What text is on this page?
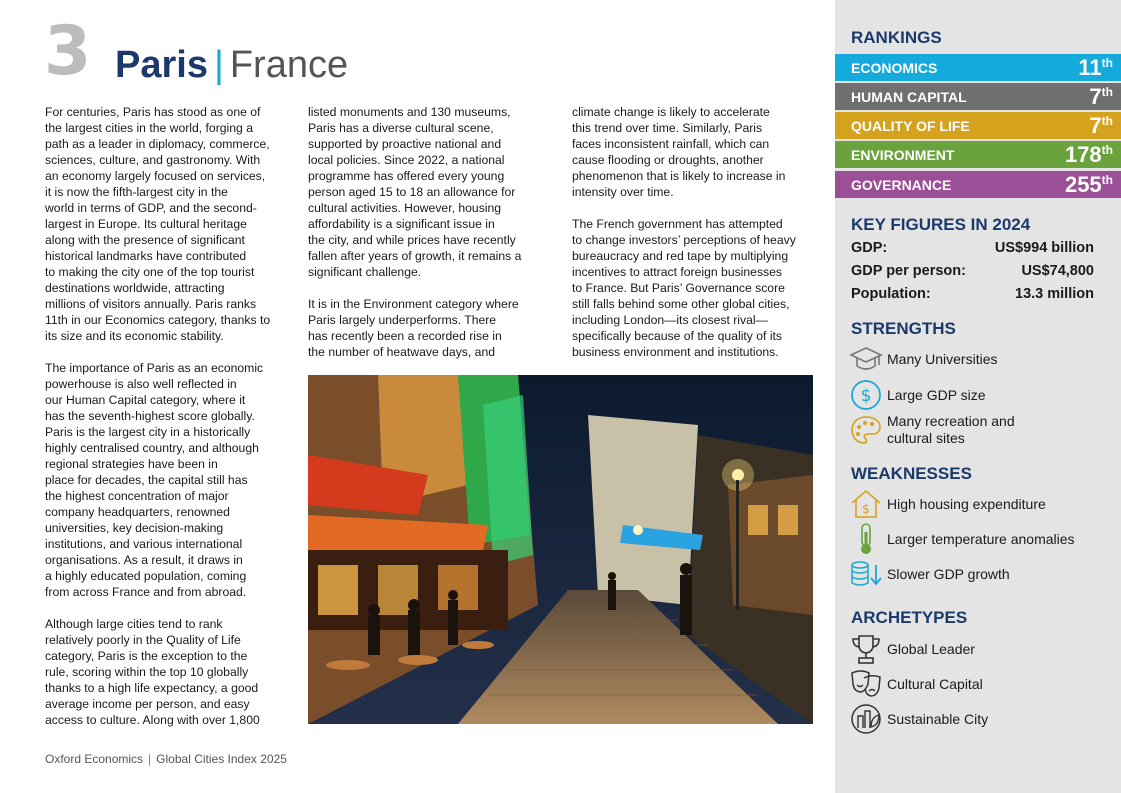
3 Paris | France

For centuries, Paris has stood as one of
the largest cities in the world, forging a
path as a leader in diplomacy, commerce,
sciences, culture, and gastronomy. With
an economy largely focused on services,
it is now the fifth-largest city in the
world in terms of GDP, and the second-
largest in Europe. Its cultural heritage
along with the presence of significant
historical landmarks have contributed
to making the city one of the top tourist
destinations worldwide, attracting
millions of visitors annually. Paris ranks
11th in our Economics category, thanks to
its size and its economic stability.

The importance of Paris as an economic
powerhouse is also well reflected in
our Human Capital category, where it
has the seventh-highest score globally.
Paris is the largest city in a historically
highly centralised country, and although
regional strategies have been in
place for decades, the capital still has
the highest concentration of major
company headquarters, renowned
universities, key decision-making
institutions, and various international
organisations. As a result, it draws in
a highly educated population, coming
from across France and from abroad.

Although large cities tend to rank
relatively poorly in the Quality of Life
category, Paris is the exception to the
rule, scoring within the top 10 globally
thanks to a high life expectancy, a good
average income per person, and easy
access to culture. Along with over 1,800

listed monuments and 130 museums,
Paris has a diverse cultural scene,
supported by proactive national and
local policies. Since 2022, a national
programme has offered every young
person aged 15 to 18 an allowance for
cultural activities. However, housing
affordability is a significant issue in
the city, and while prices have recently
fallen after years of growth, it remains a
significant challenge.

It is in the Environment category where
Paris largely underperforms. There
has recently been a recorded rise in
the number of heatwave days, and

climate change is likely to accelerate
this trend over time. Similarly, Paris
faces inconsistent rainfall, which can
cause flooding or droughts, another
phenomenon that is likely to increase in
intensity over time.

The French government has attempted
to change investors’ perceptions of heavy
bureaucracy and red tape by multiplying
incentives to attract foreign businesses
to France. But Paris’ Governance score
still falls behind some other global cities,
including London—its closest rival—
specifically because of the quality of its
business environment and institutions.

Oxford Economics | Global Cities Index 2025
RANKINGS
ECONOMICS	11th
HUMAN CAPITAL	7th
QUALITY OF LIFE	7th
ENVIRONMENT	178th
GOVERNANCE	255th
KEY FIGURES IN 2024
GDP:	US$994 billion
GDP per person:	US$74,800
Population:	13.3 million
STRENGTHS
Many Universities
$ Large GDP size
Many recreation and
cultural sites
WEAKNESSES
$ High housing expenditure
Larger temperature anomalies
Slower GDP growth
ARCHETYPES
Global Leader
Cultural Capital
Sustainable City
